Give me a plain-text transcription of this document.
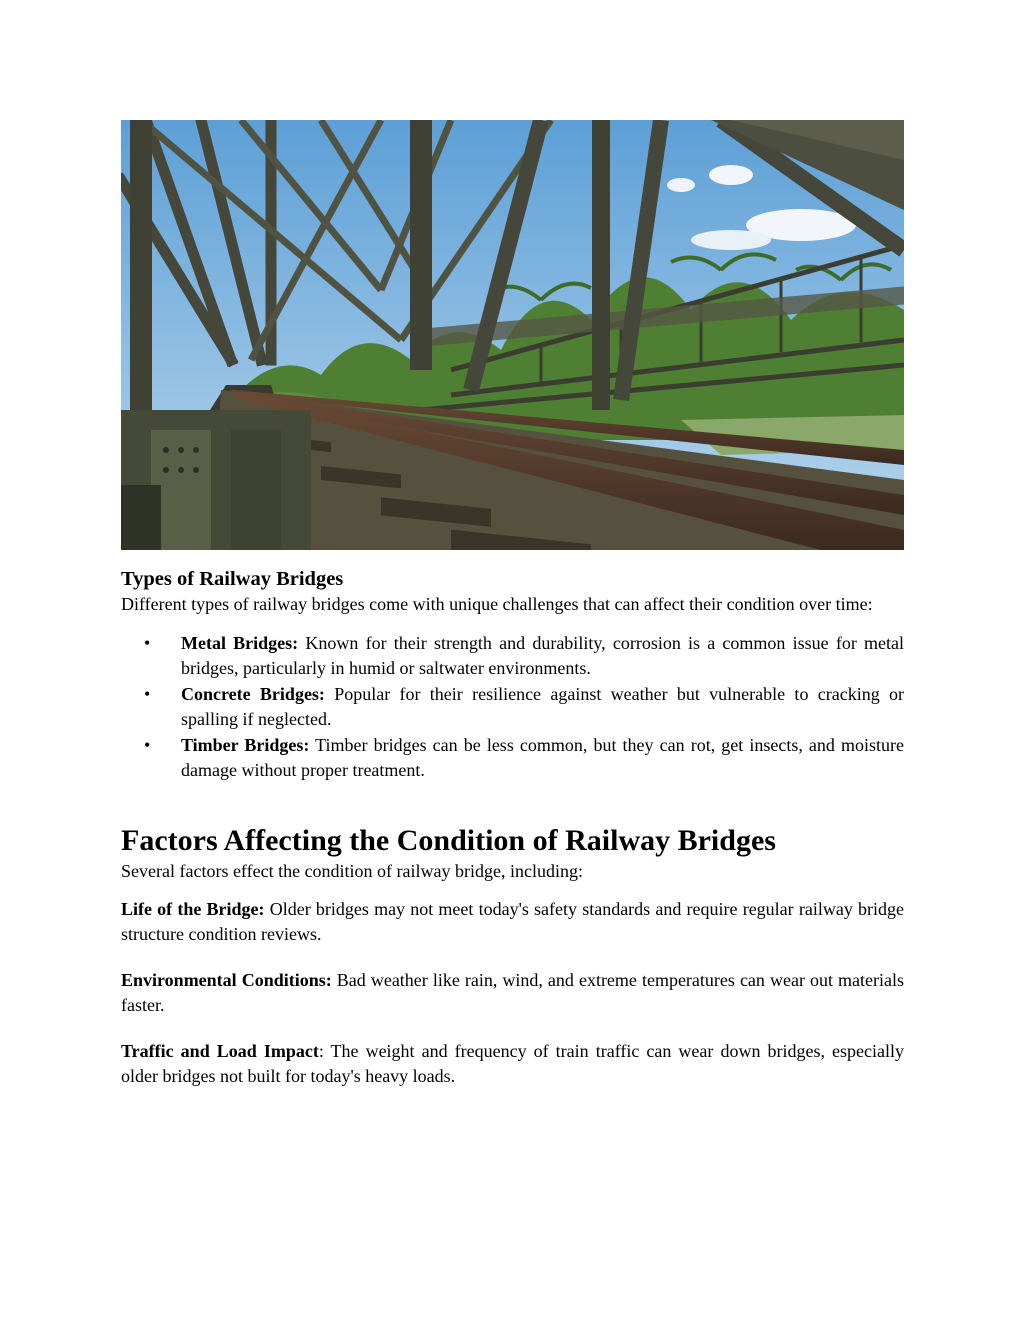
Types of Railway Bridges

Different types of railway bridges come with unique challenges that can affect their condition over time:

• Metal Bridges: Known for their strength and durability, corrosion is a common issue for metal bridges, particularly in humid or saltwater environments.
• Concrete Bridges: Popular for their resilience against weather but vulnerable to cracking or spalling if neglected.
• Timber Bridges: Timber bridges can be less common, but they can rot, get insects, and moisture damage without proper treatment.
Factors Affecting the Condition of Railway Bridges

Several factors effect the condition of railway bridge, including:

Life of the Bridge: Older bridges may not meet today's safety standards and require regular railway bridge structure condition reviews.

Environmental Conditions: Bad weather like rain, wind, and extreme temperatures can wear out materials faster.

Traffic and Load Impact: The weight and frequency of train traffic can wear down bridges, especially older bridges not built for today's heavy loads.
